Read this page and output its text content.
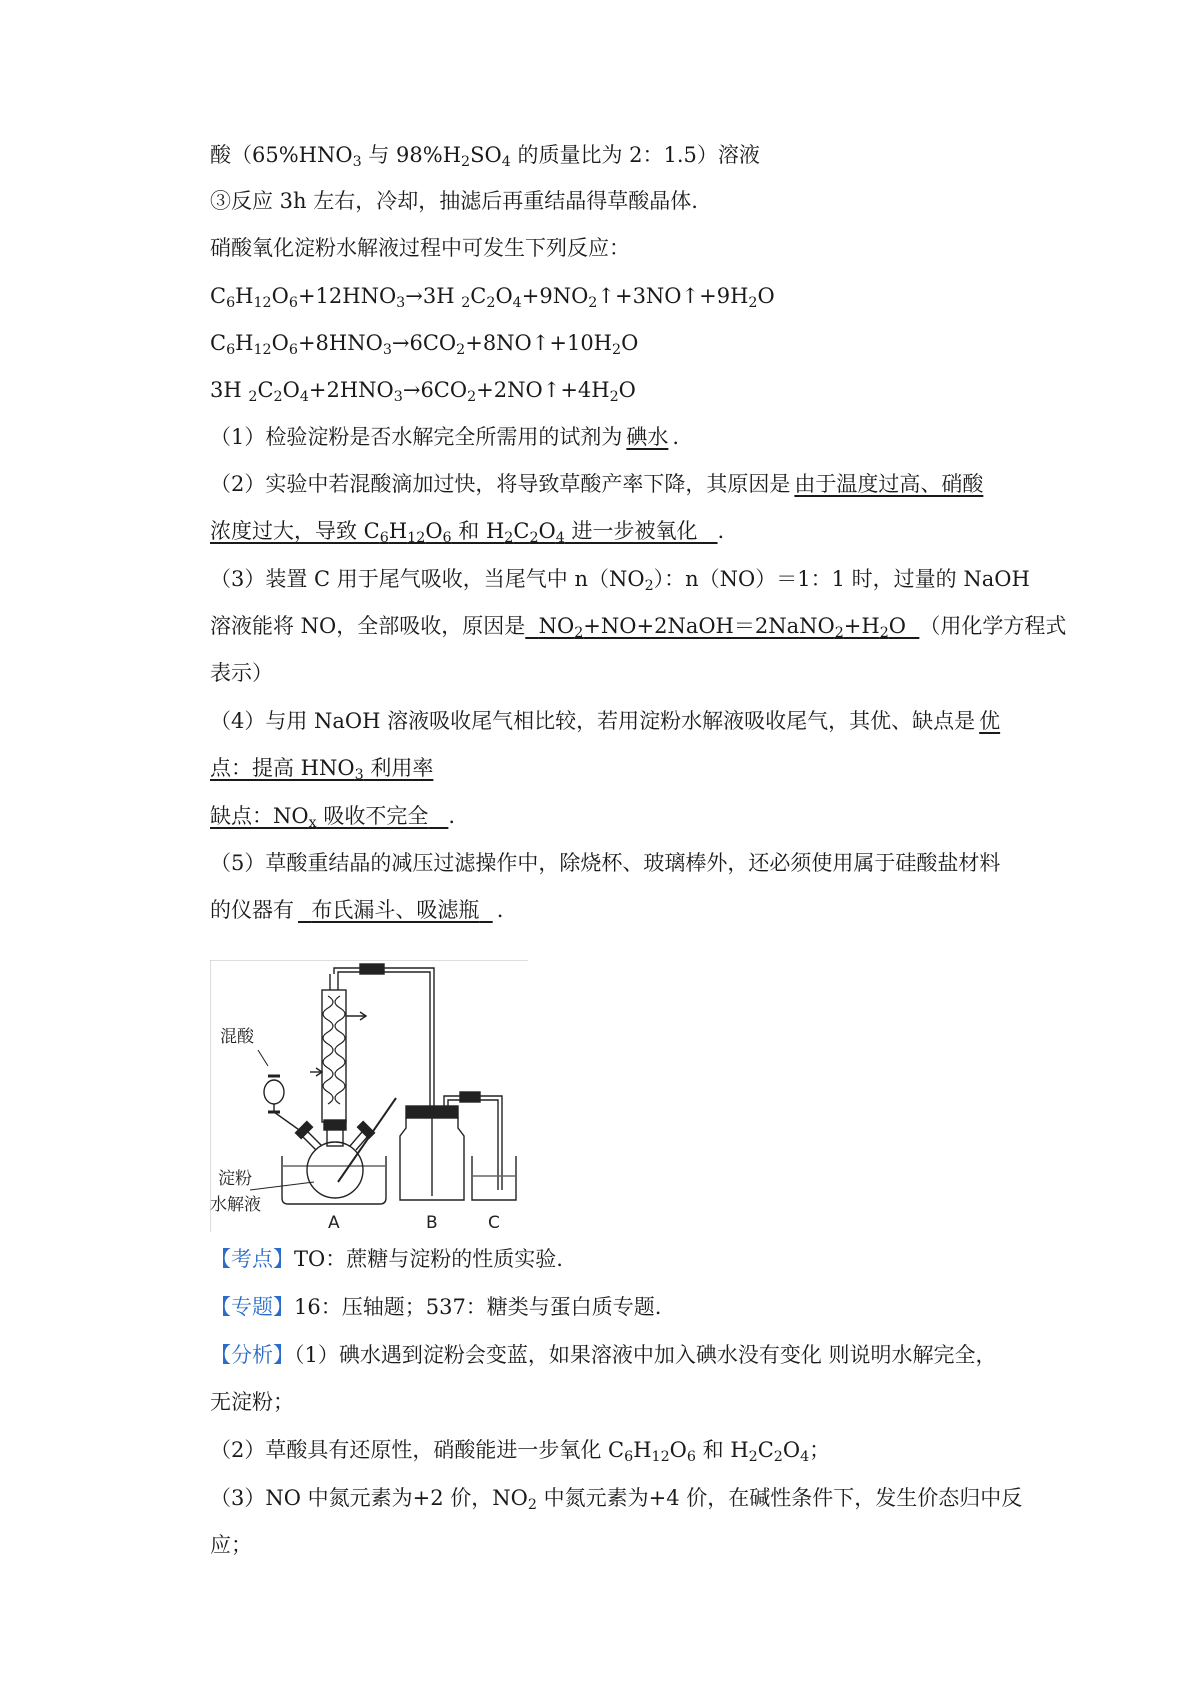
酸（$65\%HNO_3$ 与 $98\%H_2SO_4$ 的质量比为 2：1.5）溶液
③反应 3h 左右，冷却，抽滤后再重结晶得草酸晶体.
硝酸氧化淀粉水解液过程中可发生下列反应：
$C_6H_{12}O_6+12HNO_3\to 3H$ $_2C_2O_4+9NO_2↑+3NO↑+9H_2O$
$C_6H_{12}O_6+8HNO_3\to 6CO_2+8NO↑+10H_2O$
3H $_2C_2O_4+2HNO_3\to 6CO_2+2NO↑+4H_2O$
（1）检验淀粉是否水解完全所需用的试剂为 碘水 .
（2）实验中若混酸滴加过快，将导致草酸产率下降，其原因是 由于温度过高、硝酸
浓度过大，导致 $C_6H_{12}O_6$ 和 $H_2C_2O_4$ 进一步被氧化 .
（3）装置 C 用于尾气吸收，当尾气中 $n(NO_2)$：n（NO）＝1：1 时，过量的 NaOH
溶液能将 NO，全部吸收，原因是 $NO_2+NO+2NaOH=2NaNO_2+H_2O$ （用化学方程式
表示）
（4）与用 NaOH 溶液吸收尾气相比较，若用淀粉水解液吸收尾气，其优、缺点是 优
点：提高 $HNO_3$ 利用率
缺点：$NO_x$ 吸收不完全 .
（5）草酸重结晶的减压过滤操作中，除烧杯、玻璃棒外，还必须使用属于硅酸盐材料
的仪器有 布氏漏斗、吸滤瓶 .
混酸
淀粉
水解液
A	B	C
【考点】TO：蔗糖与淀粉的性质实验.
【专题】16：压轴题；537：糖类与蛋白质专题.
【分析】（1）碘水遇到淀粉会变蓝，如果溶液中加入碘水没有变化 则说明水解完全，
无淀粉；
（2）草酸具有还原性，硝酸能进一步氧化 $C_6H_{12}O_6$ 和 $H_2C_2O_4$；
（3）NO 中氮元素为+2 价，$NO_2$ 中氮元素为+4 价，在碱性条件下，发生价态归中反
应；
